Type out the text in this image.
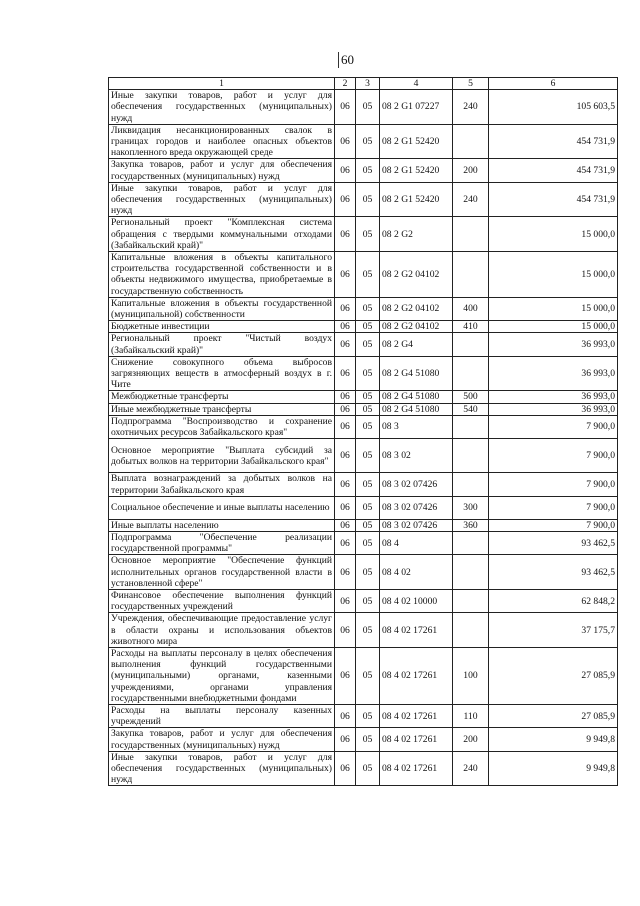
60
1	2	3	4	5	6
Иные закупки товаров, работ и услуг для обеспечения государственных (муниципальных) нужд	06	05	08 2 G1 07227	240	105 603,5
Ликвидация несанкционированных свалок в границах городов и наиболее опасных объектов накопленного вреда окружающей среде	06	05	08 2 G1 52420		454 731,9
Закупка товаров, работ и услуг для обеспечения государственных (муниципальных) нужд	06	05	08 2 G1 52420	200	454 731,9
Иные закупки товаров, работ и услуг для обеспечения государственных (муниципальных) нужд	06	05	08 2 G1 52420	240	454 731,9
Региональный проект "Комплексная система обращения с твердыми коммунальными отходами (Забайкальский край)"	06	05	08 2 G2		15 000,0
Капитальные вложения в объекты капитального строительства государственной собственности и в объекты недвижимого имущества, приобретаемые в государственную собственность	06	05	08 2 G2 04102		15 000,0
Капитальные вложения в объекты государственной (муниципальной) собственности	06	05	08 2 G2 04102	400	15 000,0
Бюджетные инвестиции	06	05	08 2 G2 04102	410	15 000,0
Региональный проект "Чистый воздух (Забайкальский край)"	06	05	08 2 G4		36 993,0
Снижение совокупного объема выбросов загрязняющих веществ в атмосферный воздух в г. Чите	06	05	08 2 G4 51080		36 993,0
Межбюджетные трансферты	06	05	08 2 G4 51080	500	36 993,0
Иные межбюджетные трансферты	06	05	08 2 G4 51080	540	36 993,0
Подпрограмма "Воспроизводство и сохранение охотничьих ресурсов Забайкальского края"	06	05	08 3		7 900,0
Основное мероприятие "Выплата субсидий за добытых волков на территории Забайкальского края"	06	05	08 3 02		7 900,0
Выплата вознаграждений за добытых волков на территории Забайкальского края	06	05	08 3 02 07426		7 900,0
Социальное обеспечение и иные выплаты населению	06	05	08 3 02 07426	300	7 900,0
Иные выплаты населению	06	05	08 3 02 07426	360	7 900,0
Подпрограмма "Обеспечение реализации государственной программы"	06	05	08 4		93 462,5
Основное мероприятие "Обеспечение функций исполнительных органов государственной власти в установленной сфере"	06	05	08 4 02		93 462,5
Финансовое обеспечение выполнения функций государственных учреждений	06	05	08 4 02 10000		62 848,2
Учреждения, обеспечивающие предоставление услуг в области охраны и использования объектов животного мира	06	05	08 4 02 17261		37 175,7
Расходы на выплаты персоналу в целях обеспечения выполнения функций государственными (муниципальными) органами, казенными учреждениями, органами управления государственными внебюджетными фондами	06	05	08 4 02 17261	100	27 085,9
Расходы на выплаты персоналу казенных учреждений	06	05	08 4 02 17261	110	27 085,9
Закупка товаров, работ и услуг для обеспечения государственных (муниципальных) нужд	06	05	08 4 02 17261	200	9 949,8
Иные закупки товаров, работ и услуг для обеспечения государственных (муниципальных) нужд	06	05	08 4 02 17261	240	9 949,8
